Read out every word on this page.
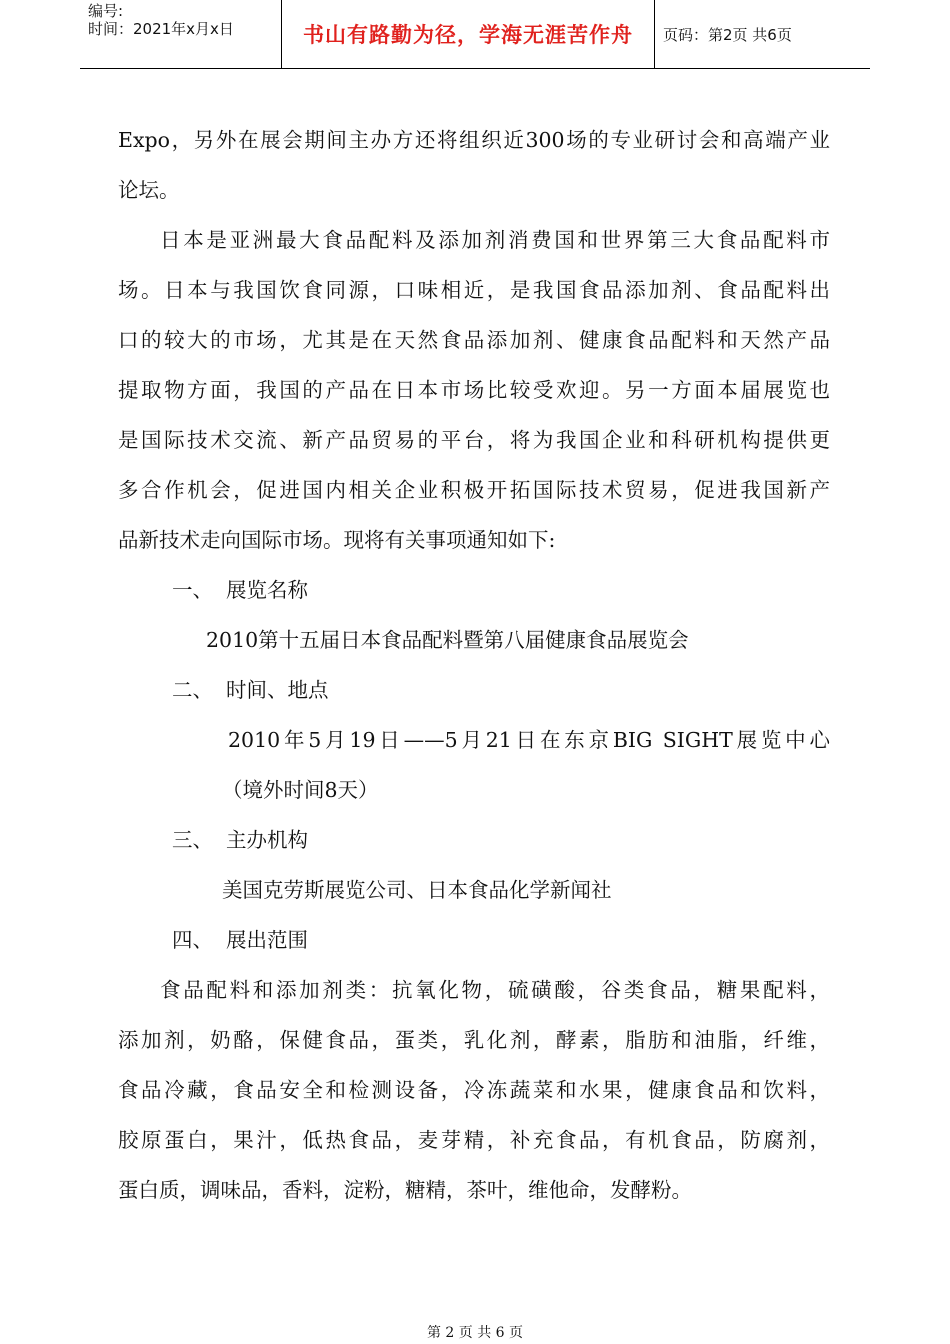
编号:
时间：2021年x月x日	书山有路勤为径，学海无涯苦作舟	页码：第2页 共6页

Expo，另外在展会期间主办方还将组织近300场的专业研讨会和高端产业

论坛。

日本是亚洲最大食品配料及添加剂消费国和世界第三大食品配料市

场。日本与我国饮食同源，口味相近，是我国食品添加剂、食品配料出

口的较大的市场，尤其是在天然食品添加剂、健康食品配料和天然产品

提取物方面，我国的产品在日本市场比较受欢迎。另一方面本届展览也

是国际技术交流、新产品贸易的平台，将为我国企业和科研机构提供更

多合作机会，促进国内相关企业积极开拓国际技术贸易，促进我国新产

品新技术走向国际市场。现将有关事项通知如下:

一、  展览名称

2010第十五届日本食品配料暨第八届健康食品展览会

二、  时间、地点

2010年5月19日——5月21日在东京BIG SIGHT展览中心

（境外时间8天）

三、  主办机构

美国克劳斯展览公司、日本食品化学新闻社

四、  展出范围

食品配料和添加剂类：抗氧化物，硫磺酸，谷类食品，糖果配料，

添加剂，奶酪，保健食品，蛋类，乳化剂，酵素，脂肪和油脂，纤维，

食品冷藏，食品安全和检测设备，冷冻蔬菜和水果，健康食品和饮料，

胶原蛋白，果汁，低热食品，麦芽精，补充食品，有机食品，防腐剂，

蛋白质，调味品，香料，淀粉，糖精，茶叶，维他命，发酵粉。

第 2 页 共 6 页
